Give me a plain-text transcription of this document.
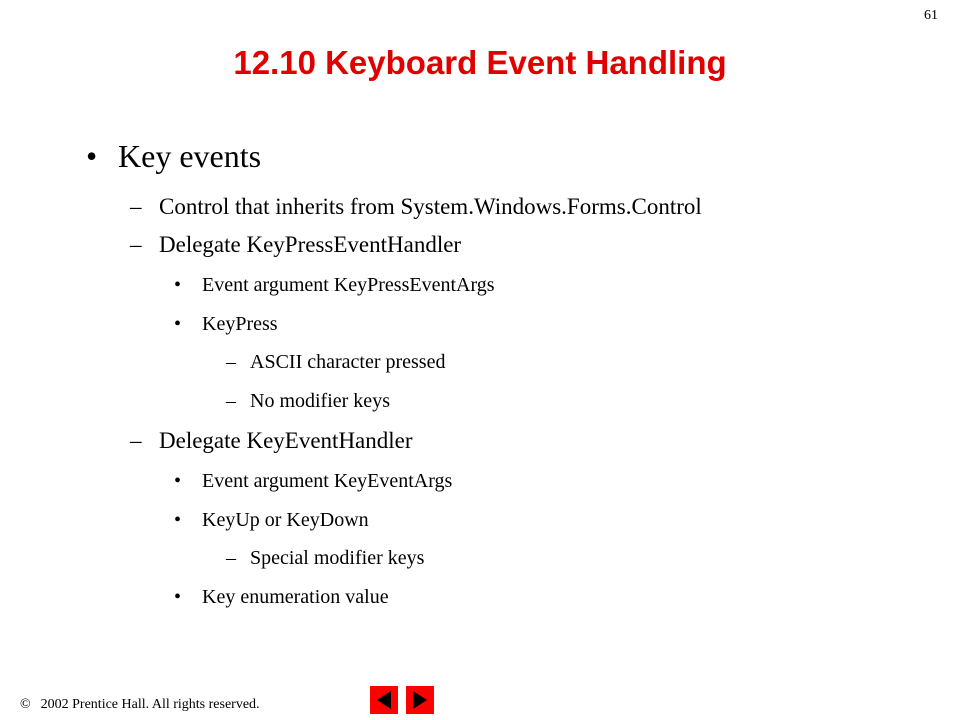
61
12.10 Keyboard Event Handling
• Key events
– Control that inherits from System.Windows.Forms.Control
– Delegate KeyPressEventHandler
• Event argument KeyPressEventArgs
• KeyPress
– ASCII character pressed
– No modifier keys
– Delegate KeyEventHandler
• Event argument KeyEventArgs
• KeyUp or KeyDown
– Special modifier keys
• Key enumeration value
© 2002 Prentice Hall. All rights reserved.
